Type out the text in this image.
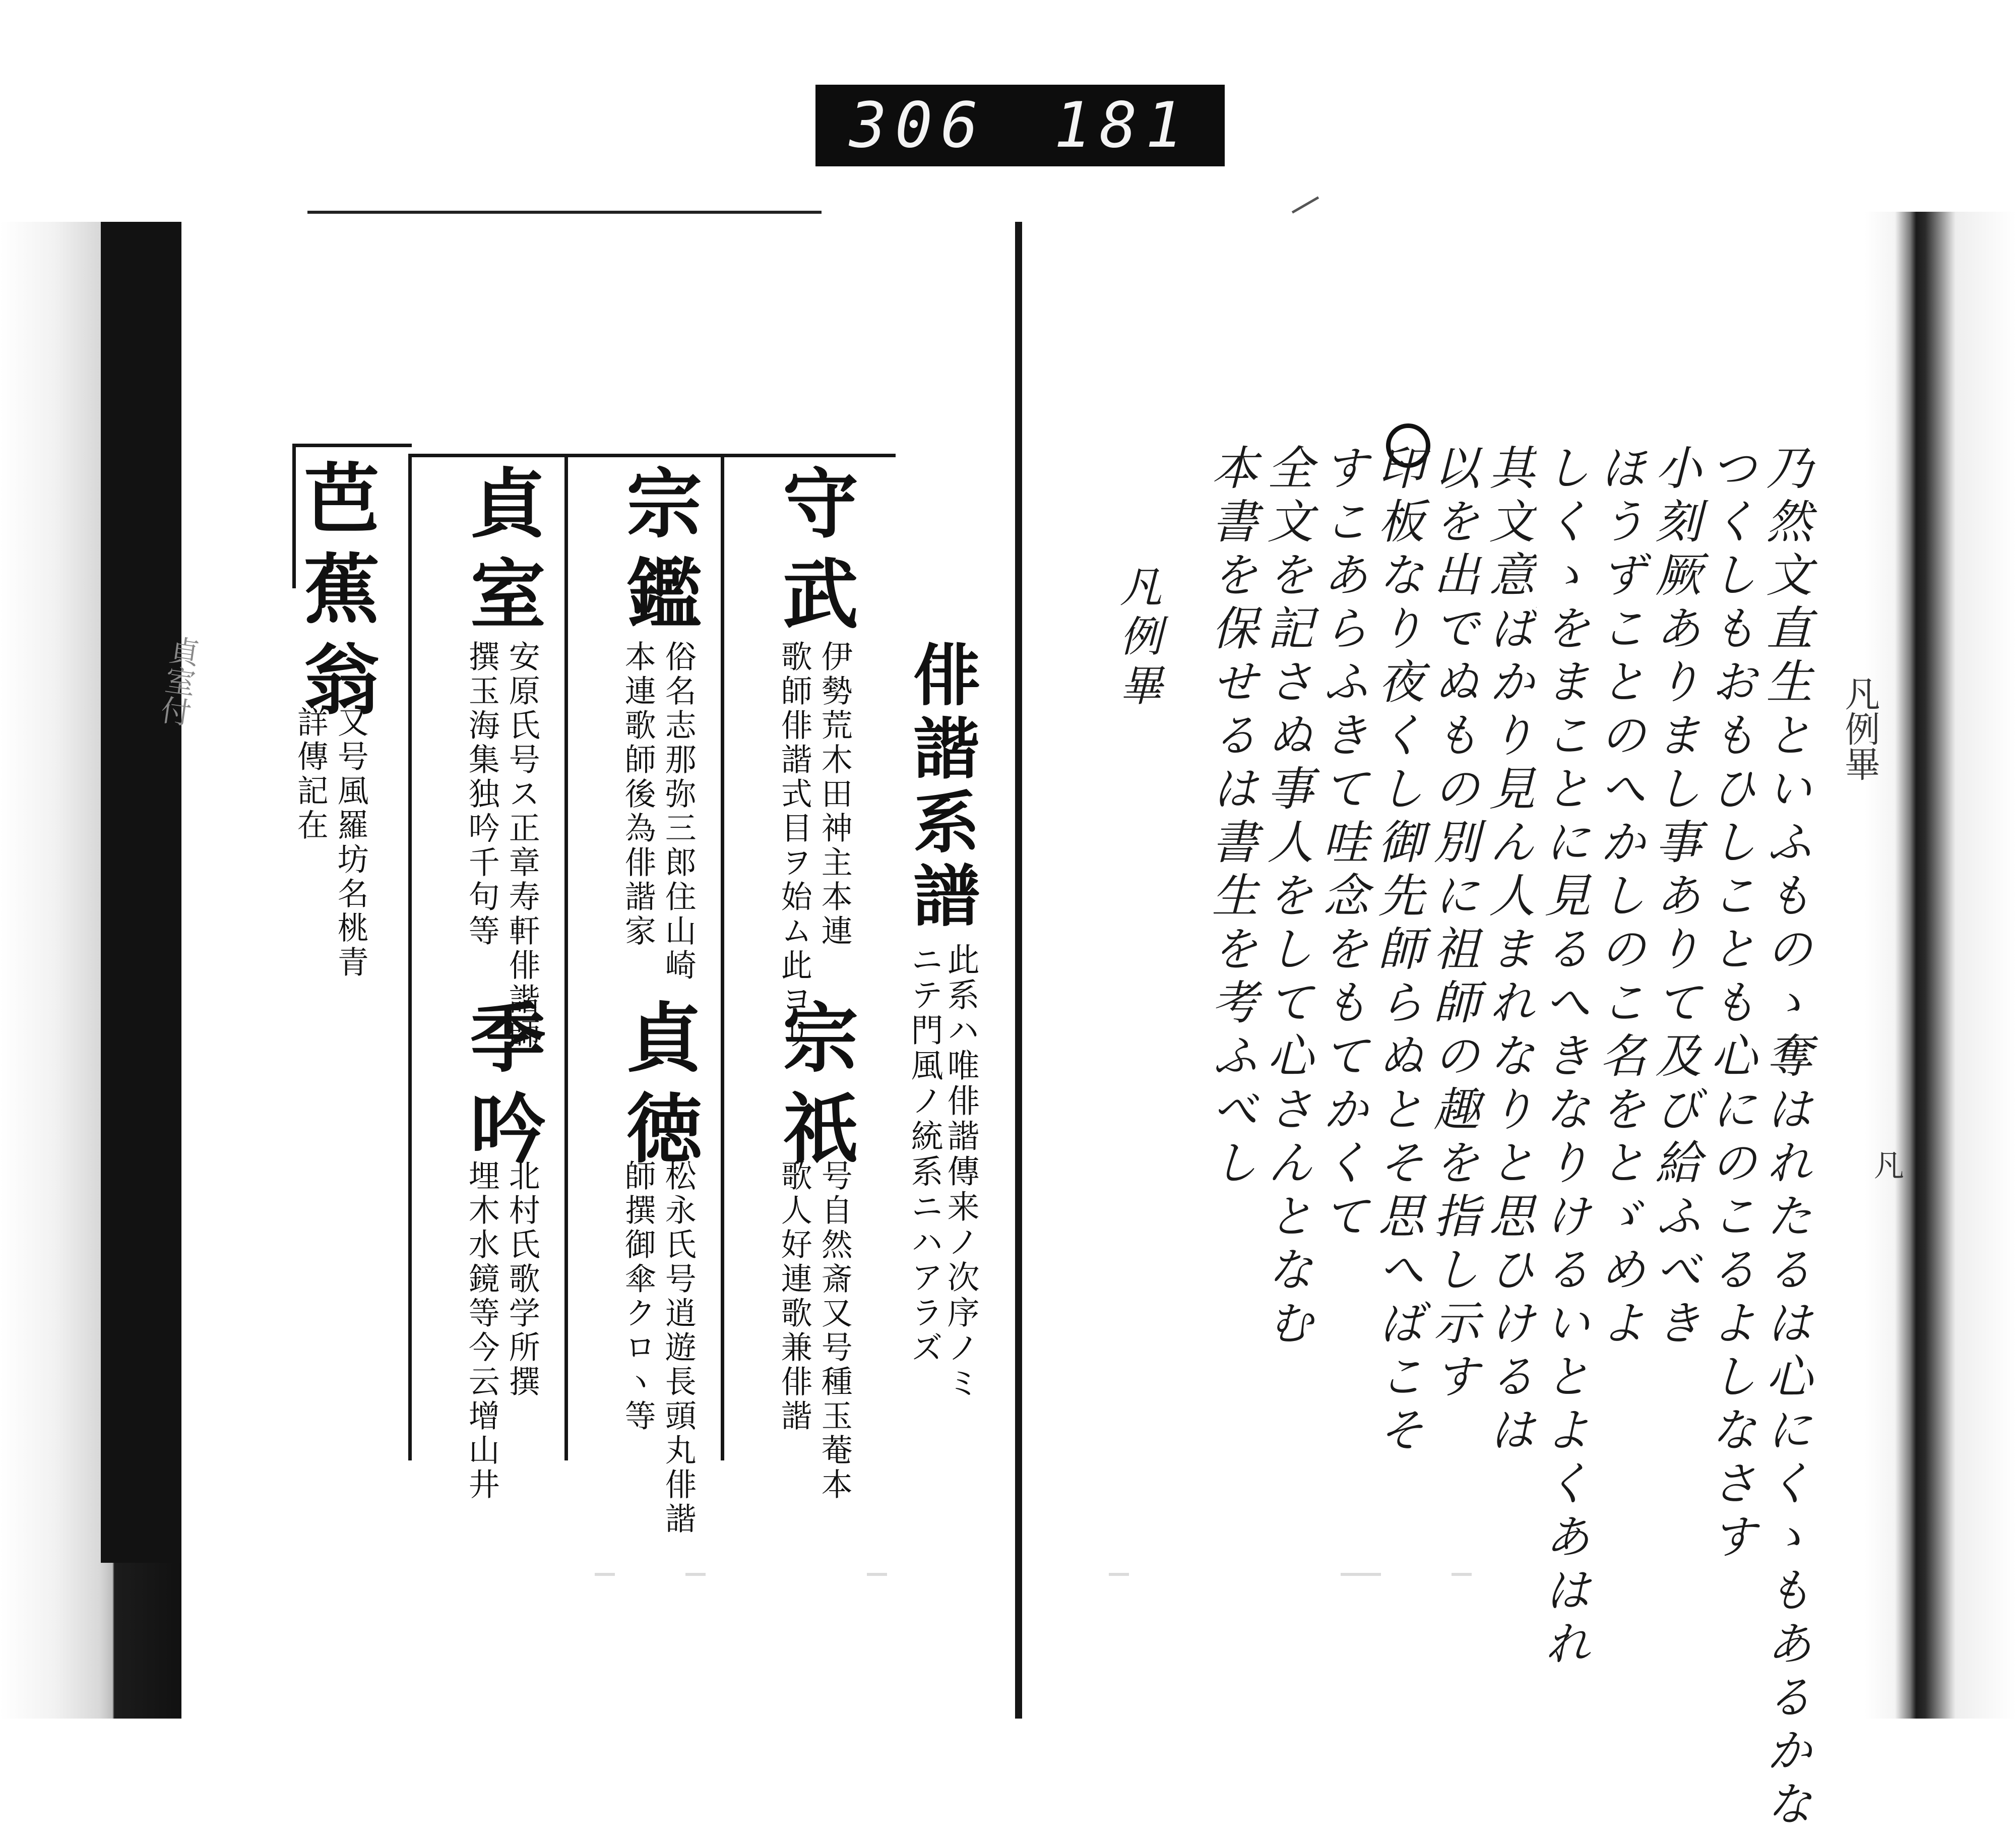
306 181
俳諧系譜
此系ハ唯俳諧傳来ノ次序ノミ
ニテ門風ノ統系ニハアラズ
守武
伊勢荒木田神主本連
歌師俳諧式目ヲ始ム此ヨリ
宗祇
号自然斎又号種玉菴本
歌人好連歌兼俳諧
宗鑑
俗名志那弥三郎住山崎
本連歌師後為俳諧家
貞徳
松永氏号逍遊長頭丸俳諧
師撰御傘クロヽ等
貞室
安原氏号ス正章寿軒俳諧師
撰玉海集独吟千句等
季吟
北村氏歌学所撰
埋木水鏡等今云增山井
芭蕉翁
又号風羅坊名桃青
詳傳記在	乃然文直生といふものゝ奪はれたるは心にくゝもあるかな
つくしもおもひしことも心にのこるよしなさす
小刻厥ありまし事ありて及び給ふべき
ほうずことのへかしのこ名をとゞめよ
しくゝをまことに見るへきなりけるいとよくあはれ
其文意ばかり見ん人まれなりと思ひけるは
以を出でぬもの別に祖師の趣を指し示す
印板なり夜くし御先師らぬとそ思へばこそ
すこあらふきて哇念をもてかくて
全文を記さぬ事人をして心さんとなむ
本書を保せるは書生を考ふべし
凡例畢
貞室付	凡例畢
凡
